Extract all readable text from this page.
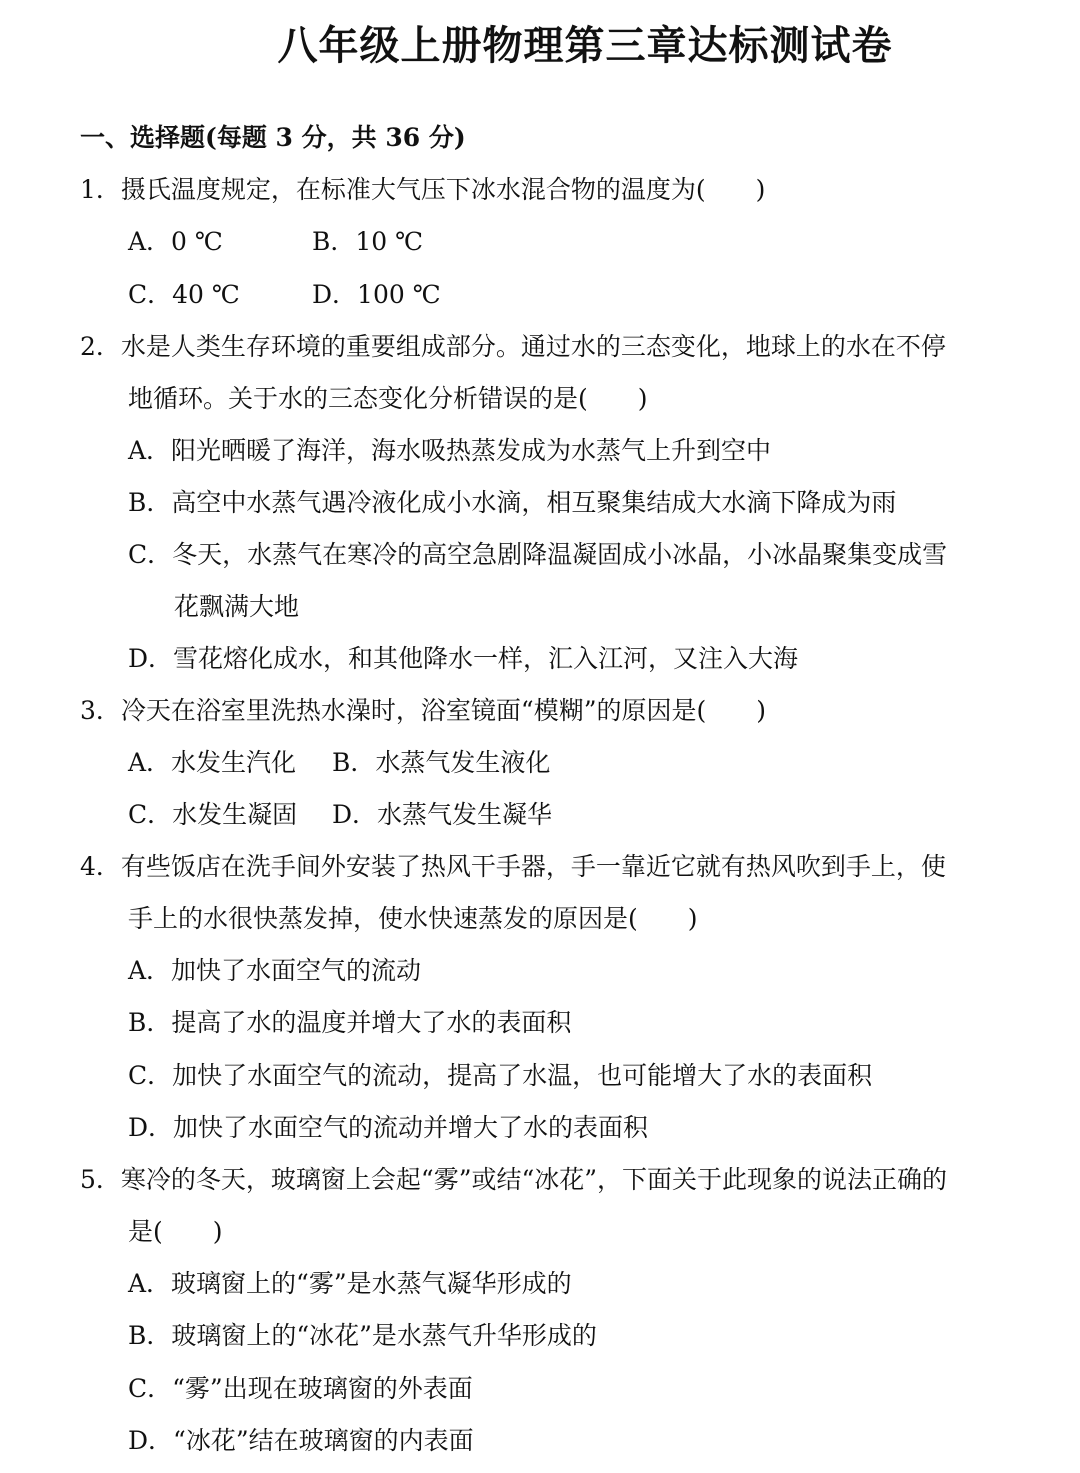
八年级上册物理第三章达标测试卷
一、选择题(每题 3 分，共 36 分)
1．摄氏温度规定，在标准大气压下冰水混合物的温度为(　　)
A．0 ℃	B．10 ℃
C．40 ℃	D．100 ℃
2．水是人类生存环境的重要组成部分。通过水的三态变化，地球上的水在不停
地循环。关于水的三态变化分析错误的是(　　)
A．阳光晒暖了海洋，海水吸热蒸发成为水蒸气上升到空中
B．高空中水蒸气遇冷液化成小水滴，相互聚集结成大水滴下降成为雨
C．冬天，水蒸气在寒冷的高空急剧降温凝固成小冰晶，小冰晶聚集变成雪
花飘满大地
D．雪花熔化成水，和其他降水一样，汇入江河，又注入大海
3．冷天在浴室里洗热水澡时，浴室镜面“模糊”的原因是(　　)
A．水发生汽化 B．水蒸气发生液化
C．水发生凝固 D．水蒸气发生凝华
4．有些饭店在洗手间外安装了热风干手器，手一靠近它就有热风吹到手上，使
手上的水很快蒸发掉，使水快速蒸发的原因是(　　)
A．加快了水面空气的流动
B．提高了水的温度并增大了水的表面积
C．加快了水面空气的流动，提高了水温，也可能增大了水的表面积
D．加快了水面空气的流动并增大了水的表面积
5．寒冷的冬天，玻璃窗上会起“雾”或结“冰花”，下面关于此现象的说法正确的
是(　　)
A．玻璃窗上的“雾”是水蒸气凝华形成的
B．玻璃窗上的“冰花”是水蒸气升华形成的
C．“雾”出现在玻璃窗的外表面
D．“冰花”结在玻璃窗的内表面
